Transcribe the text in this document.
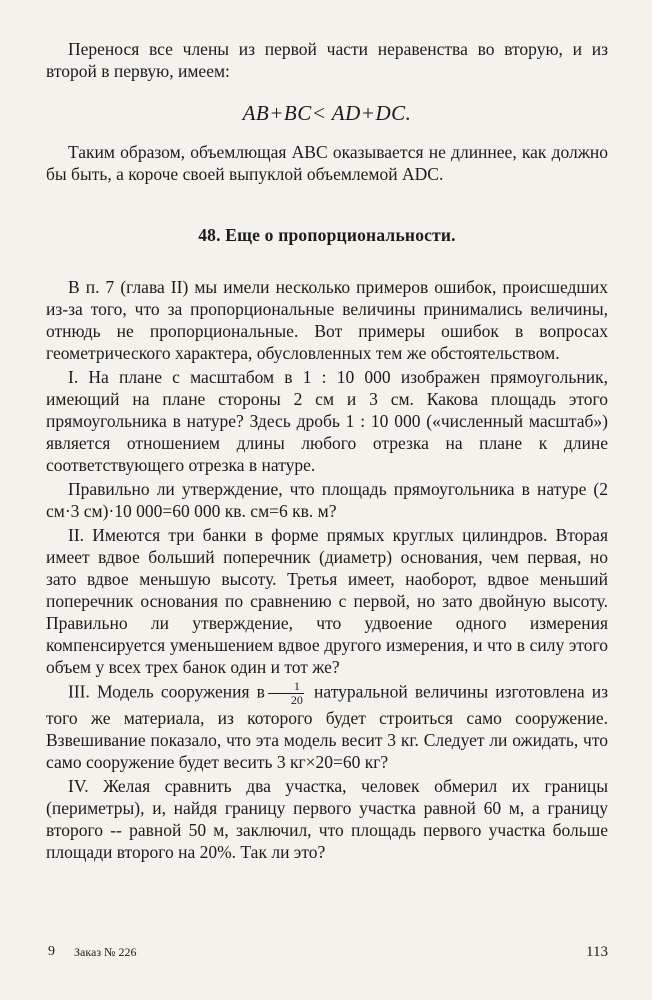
Перенося все члены из первой части неравенства во вторую, и из второй в первую, имеем:

AB+BC< AD+DC.

Таким образом, объемлющая ABC оказывается не длиннее, как должно бы быть, а короче своей выпуклой объемлемой ADC.

48. Еще о пропорциональности.

В п. 7 (глава II) мы имели несколько примеров ошибок, происшедших из-за того, что за пропорциональные величины принимались величины, отнюдь не пропорциональные. Вот примеры ошибок в вопросах геометрического характера, обусловленных тем же обстоятельством.

I. На плане с масштабом в 1 : 10 000 изображен прямоугольник, имеющий на плане стороны 2 см и 3 см. Какова площадь этого прямоугольника в натуре? Здесь дробь 1 : 10 000 («численный масштаб») является отношением длины любого отрезка на плане к длине соответствующего отрезка в натуре.

Правильно ли утверждение, что площадь прямоугольника в натуре (2 см·3 см)·10 000=60 000 кв. см=6 кв. м?

II. Имеются три банки в форме прямых круглых цилиндров. Вторая имеет вдвое больший поперечник (диаметр) основания, чем первая, но зато вдвое меньшую высоту. Третья имеет, наоборот, вдвое меньший поперечник основания по сравнению с первой, но зато двойную высоту. Правильно ли утверждение, что удвоение одного измерения компенсируется уменьшением вдвое другого измерения, и что в силу этого объем у всех трех банок один и тот же?

III. Модель сооружения в $\frac{1}{20}$ натуральной величины изготовлена из того же материала, из которого будет строиться само сооружение. Взвешивание показало, что эта модель весит 3 кг. Следует ли ожидать, что само сооружение будет весить 3 кг×20=60 кг?

IV. Желая сравнить два участка, человек обмерил их границы (периметры), и, найдя границу первого участка равной 60 м, а границу второго -- равной 50 м, заключил, что площадь первого участка больше площади второго на 20%. Так ли это?

9 Заказ № 226	113
